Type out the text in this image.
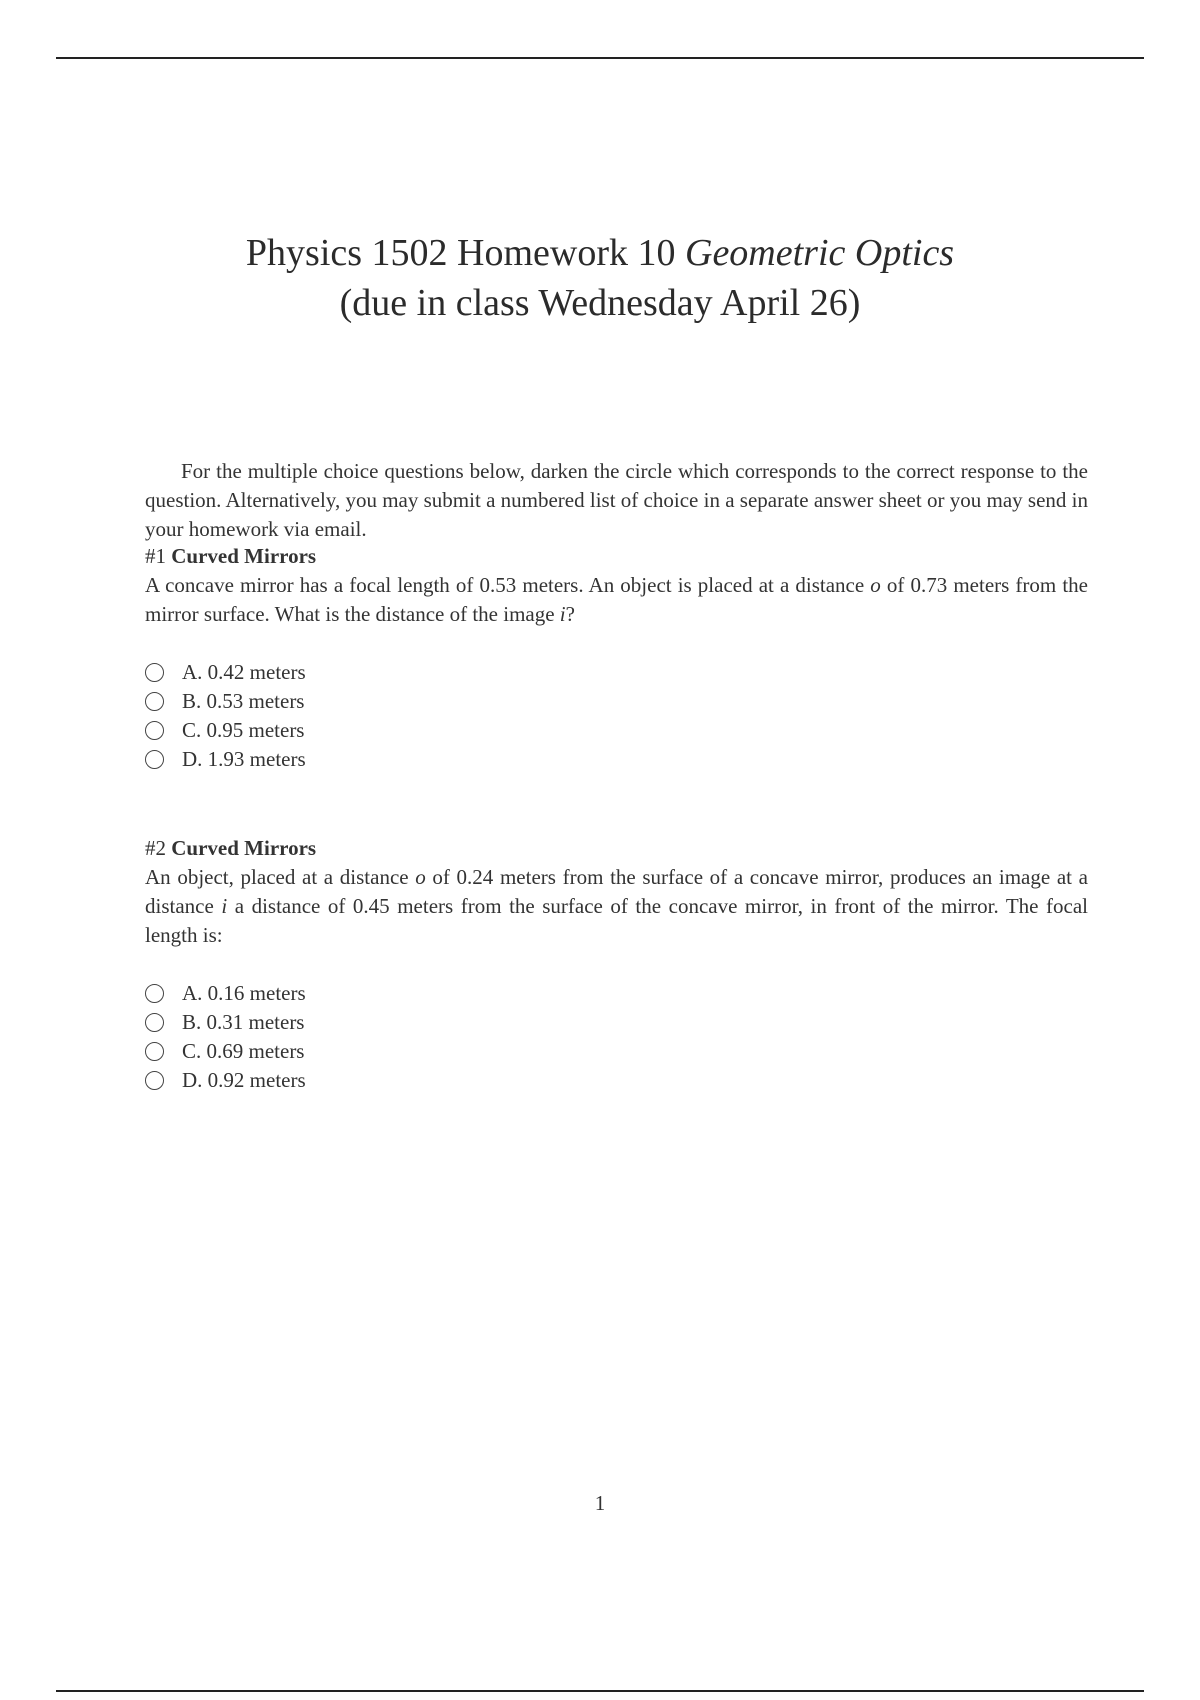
Physics 1502 Homework 10 Geometric Optics
(due in class Wednesday April 26)

For the multiple choice questions below, darken the circle which corresponds to the correct response to the question. Alternatively, you may submit a numbered list of choice in a separate answer sheet or you may send in your homework via email.

#1 Curved Mirrors

A concave mirror has a focal length of 0.53 meters. An object is placed at a distance o of 0.73 meters from the mirror surface. What is the distance of the image i?

A. 0.42 meters
B. 0.53 meters
C. 0.95 meters
D. 1.93 meters

#2 Curved Mirrors

An object, placed at a distance o of 0.24 meters from the surface of a concave mirror, produces an image at a distance i a distance of 0.45 meters from the surface of the concave mirror, in front of the mirror. The focal length is:

A. 0.16 meters
B. 0.31 meters
C. 0.69 meters
D. 0.92 meters
1
